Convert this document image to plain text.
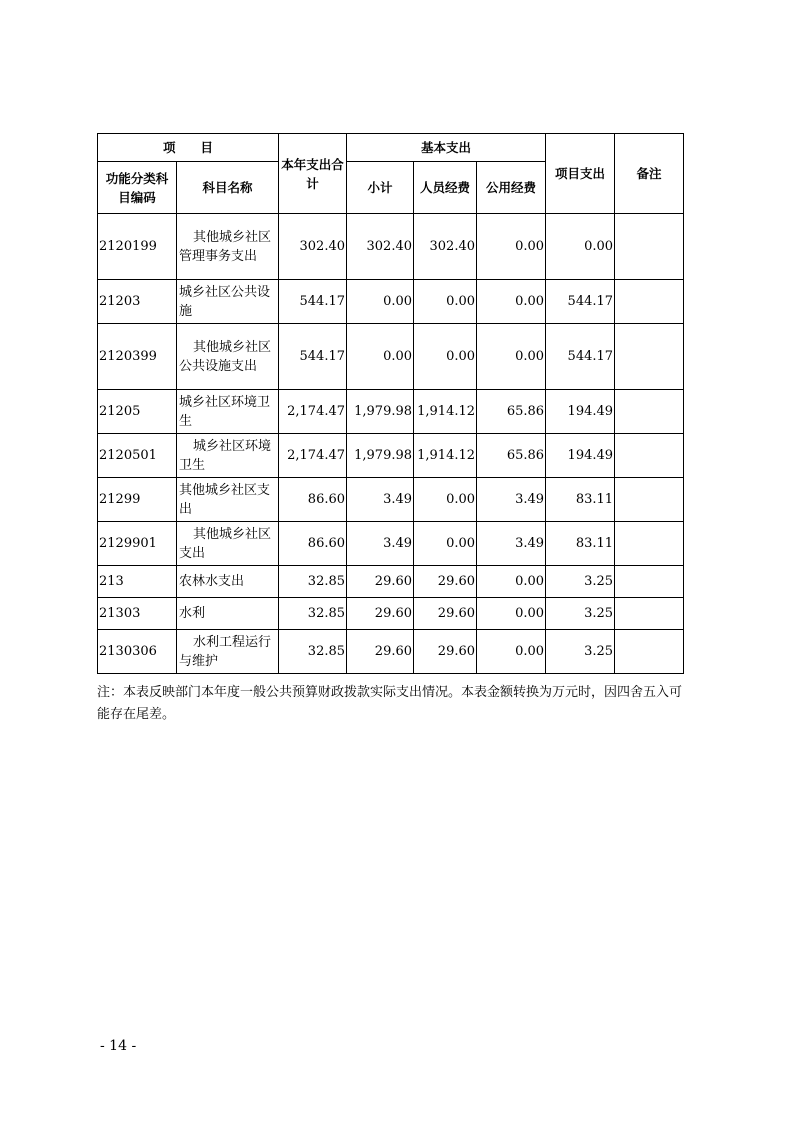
项　　目		本年支出合计	基本支出			项目支出	备注
功能分类科目编码	科目名称		小计	人员经费	公用经费		
2120199	其他城乡社区管理事务支出	302.40	302.40	302.40	0.00	0.00	
21203	城乡社区公共设施	544.17	0.00	0.00	0.00	544.17	
2120399	其他城乡社区公共设施支出	544.17	0.00	0.00	0.00	544.17	
21205	城乡社区环境卫生	2,174.47	1,979.98	1,914.12	65.86	194.49	
2120501	城乡社区环境卫生	2,174.47	1,979.98	1,914.12	65.86	194.49	
21299	其他城乡社区支出	86.60	3.49	0.00	3.49	83.11	
2129901	其他城乡社区支出	86.60	3.49	0.00	3.49	83.11	
213	农林水支出	32.85	29.60	29.60	0.00	3.25	
21303	水利	32.85	29.60	29.60	0.00	3.25	
2130306	水利工程运行与维护	32.85	29.60	29.60	0.00	3.25	
注：本表反映部门本年度一般公共预算财政拨款实际支出情况。本表金额转换为万元时，因四舍五入可能存在尾差。
- 14 -
